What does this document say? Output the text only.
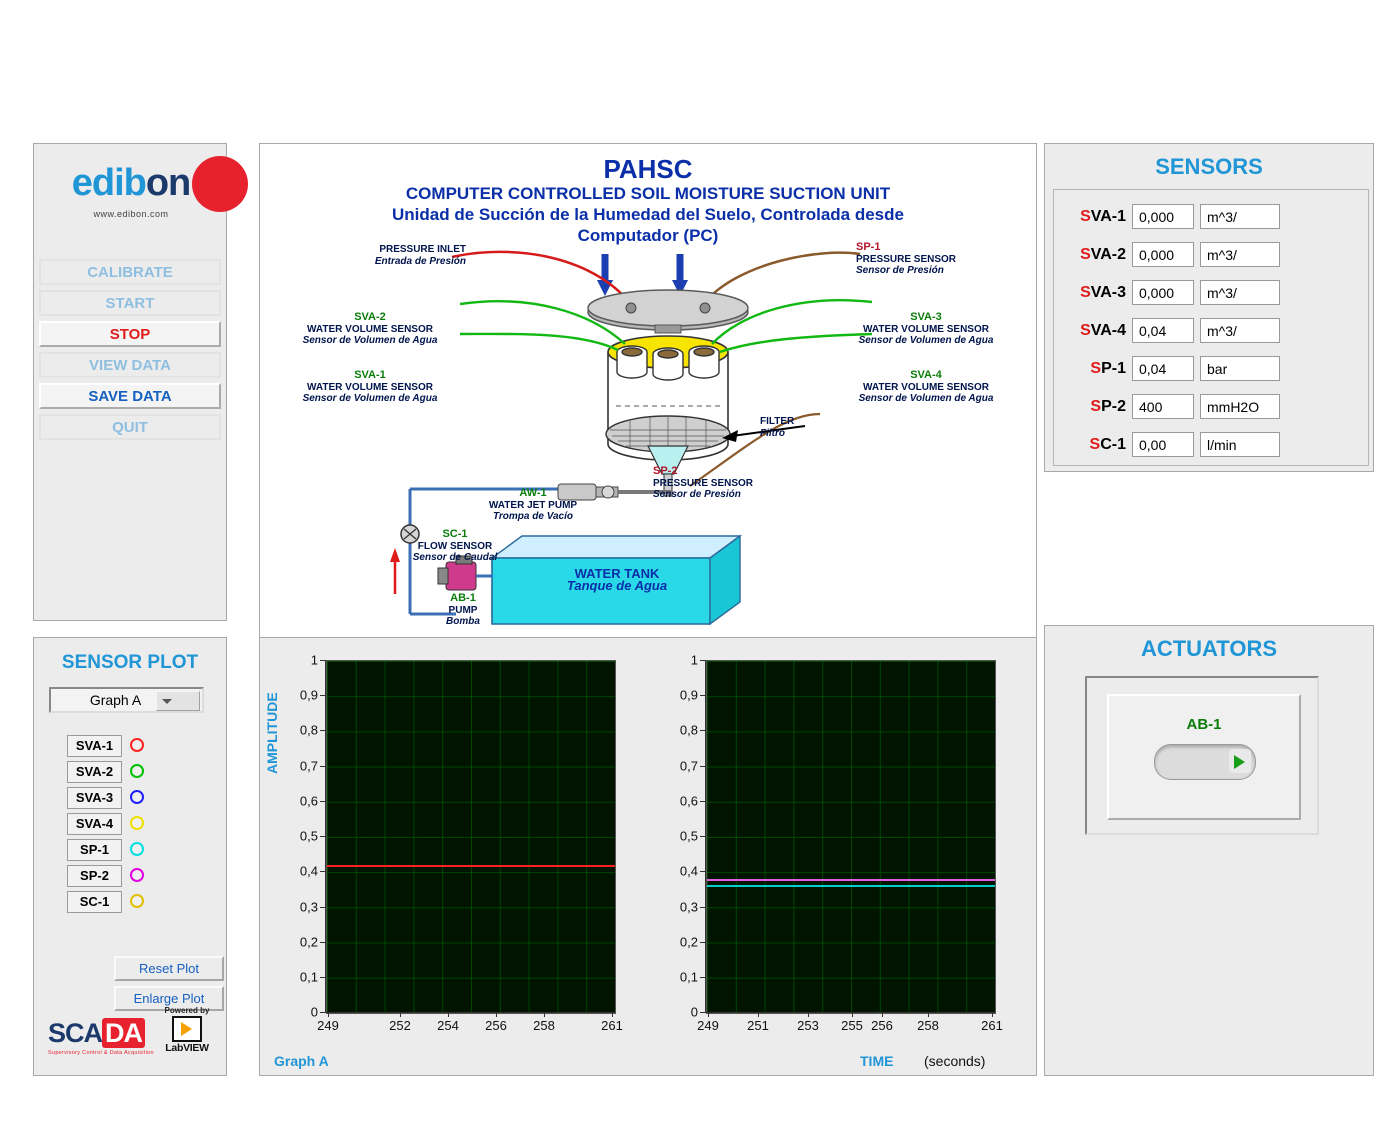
edibon
www.edibon.com
CALIBRATE
START
STOP
VIEW DATA
SAVE DATA
QUIT
PAHSC
COMPUTER CONTROLLED SOIL MOISTURE SUCTION UNIT
Unidad de Succión de la Humedad del Suelo, Controlada desde
Computador (PC)
PRESSURE INLET
Entrada de Presión
SP-1
PRESSURE SENSOR
Sensor de Presión
SVA-2
WATER VOLUME SENSOR
Sensor de Volumen de Agua
SVA-3
WATER VOLUME SENSOR
Sensor de Volumen de Agua
SVA-1
WATER VOLUME SENSOR
Sensor de Volumen de Agua
SVA-4
WATER VOLUME SENSOR
Sensor de Volumen de Agua
FILTER
Filtro
SP-2
PRESSURE SENSOR
Sensor de Presión
AW-1
WATER JET PUMP
Trompa de Vacío
SC-1
FLOW SENSOR
Sensor de Caudal
AB-1
PUMP
Bomba
WATER TANK
Tanque de Agua
SENSORS
SVA-1 0,000	m^3/
SVA-2 0,000	m^3/
SVA-3 0,000	m^3/
SVA-4 0,04	m^3/
SP-1 0,04	bar
SP-2 400	mmH2O
SC-1 0,00	l/min
SENSOR PLOT
Graph A
SVA-1
SVA-2
SVA-3
SVA-4
SP-1
SP-2
SC-1
Reset Plot
Enlarge Plot
SCA DA
Supervisory Control & Data Acquisition
Powered by
LabVIEW
AMPLITUDE
1
0,9
0,8
0,7
0,6
0,5
0,4
0,3
0,2
0,1
0
249	252 254 256 258	261
1
0,9
0,8
0,7
0,6
0,5
0,4
0,3
0,2
0,1
0
249 251 253 255 256 258	261
Graph A	TIME (seconds)
ACTUATORS
AB-1
